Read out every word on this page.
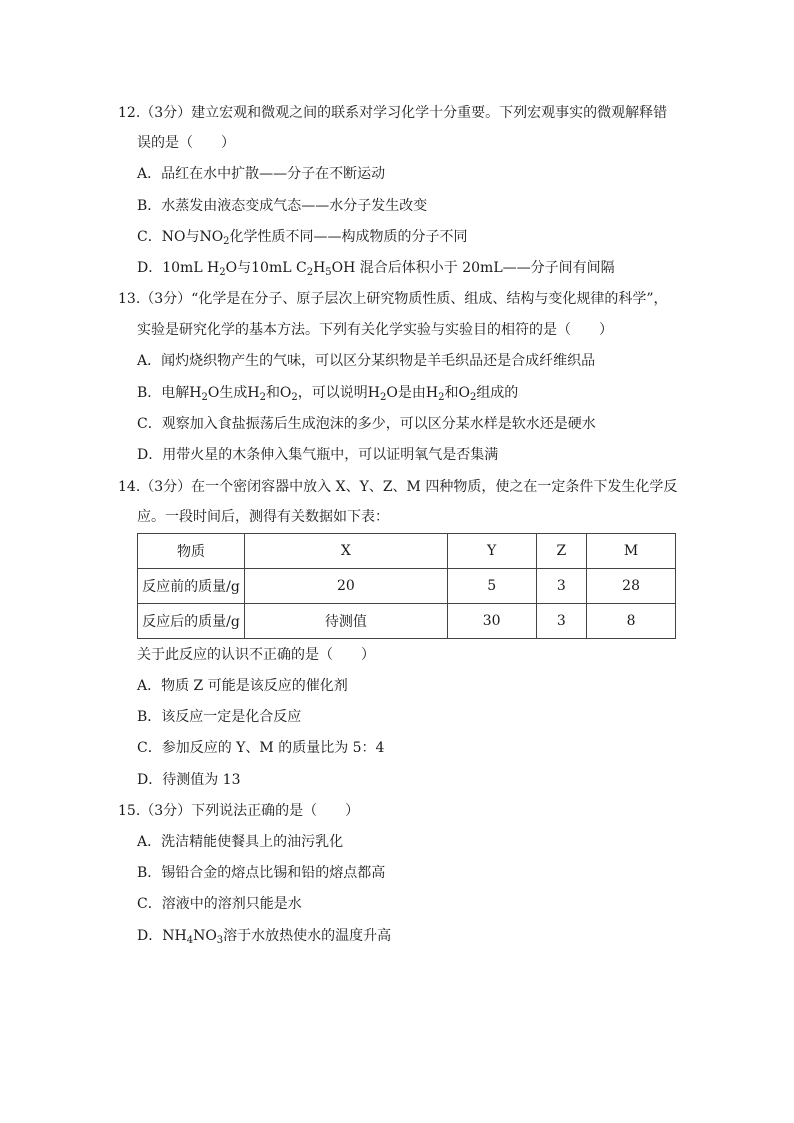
12.（3分）建立宏观和微观之间的联系对学习化学十分重要。下列宏观事实的微观解释错
误的是（　　）
A．品红在水中扩散——分子在不断运动
B．水蒸发由液态变成气态——水分子发生改变
C．NO与$NO_2$化学性质不同——构成物质的分子不同
D．10mL $H_2O$与10mL $C_2H_5OH$ 混合后体积小于 20mL——分子间有间隔
13.（3分）“化学是在分子、原子层次上研究物质性质、组成、结构与变化规律的科学”，
实验是研究化学的基本方法。下列有关化学实验与实验目的相符的是（　　）
A．闻灼烧织物产生的气味，可以区分某织物是羊毛织品还是合成纤维织品
B．电解$H_2O$生成$H_2$和$O_2$，可以说明$H_2O$是由$H_2$和$O_2$组成的
C．观察加入食盐振荡后生成泡沫的多少，可以区分某水样是软水还是硬水
D．用带火星的木条伸入集气瓶中，可以证明氧气是否集满
14.（3分）在一个密闭容器中放入 X、Y、Z、M 四种物质，使之在一定条件下发生化学反
应。一段时间后，测得有关数据如下表：
物质	X	Y	Z	M
反应前的质量/g	20	5	3	28
反应后的质量/g	待测值	30	3	8
关于此反应的认识不正确的是（　　）
A．物质 Z 可能是该反应的催化剂
B．该反应一定是化合反应
C．参加反应的 Y、M 的质量比为 5：4
D．待测值为 13
15.（3分）下列说法正确的是（　　）
A．洗洁精能使餐具上的油污乳化
B．锡铅合金的熔点比锡和铅的熔点都高
C．溶液中的溶剂只能是水
D．$NH_4NO_3$溶于水放热使水的温度升高
